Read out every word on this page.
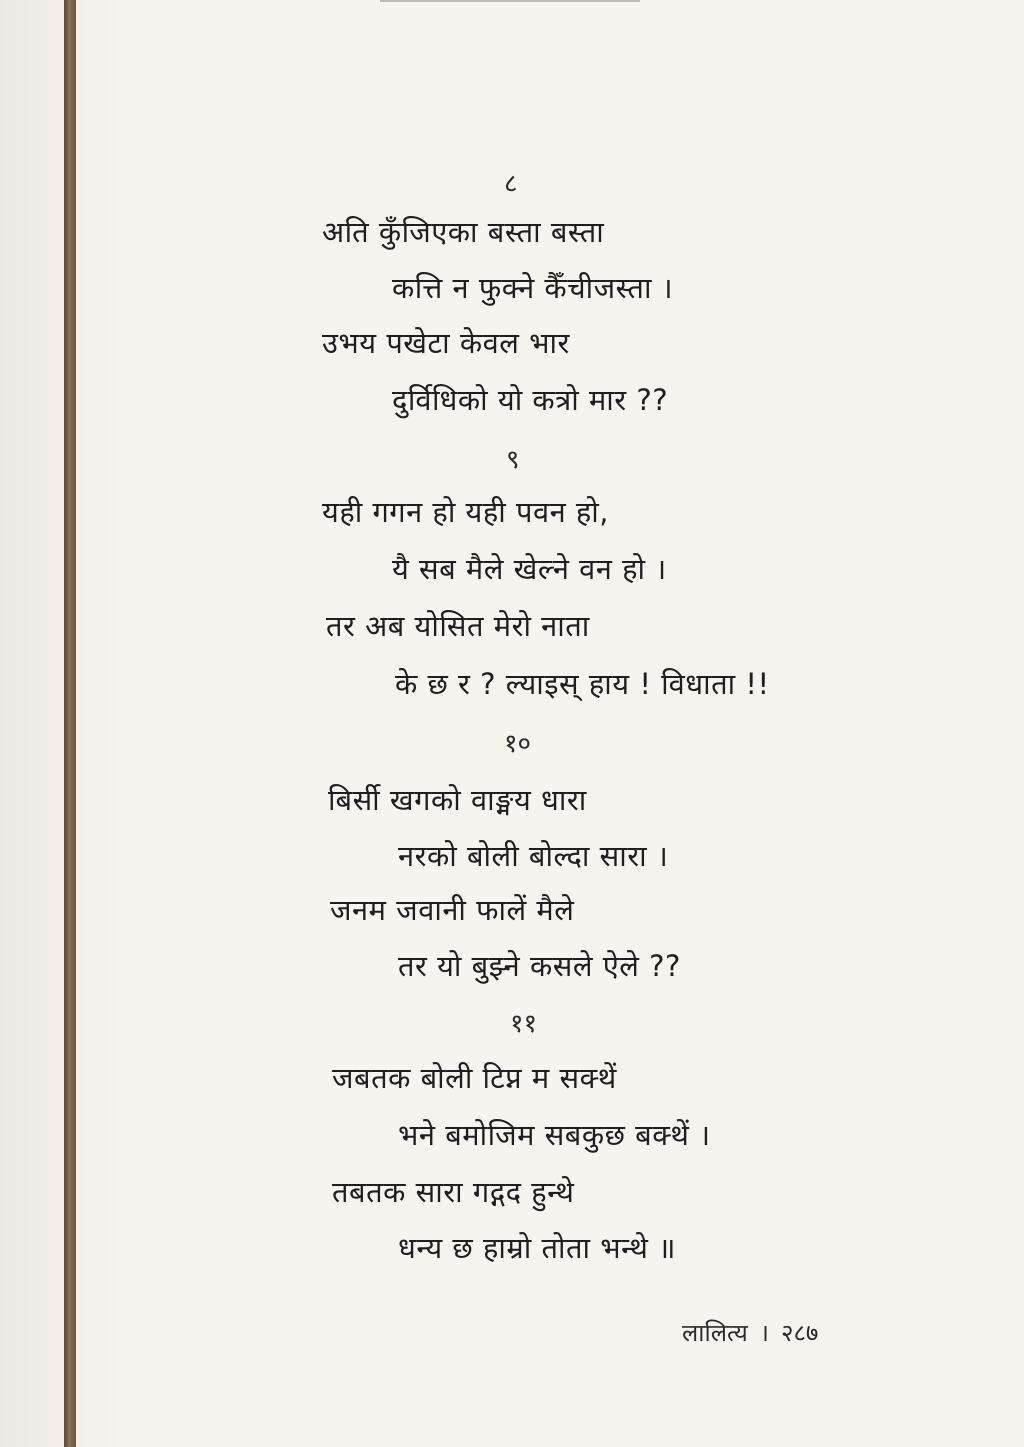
८
अति कुँजिएका बस्ता बस्ता
कत्ति न फुक्ने कैँचीजस्ता ।
उभय पखेटा केवल भार
दुर्विधिको यो कत्रो मार ??
९
यही गगन हो यही पवन हो,
यै सब मैले खेल्ने वन हो ।
तर अब योसित मेरो नाता
के छ र ? ल्याइस् हाय ! विधाता !!
१०
बिर्सी खगको वाङ्मय धारा
नरको बोली बोल्दा सारा ।
जनम जवानी फालें मैले
तर यो बुझ्ने कसले ऐले ??
११
जबतक बोली टिप्न म सक्थें
भने बमोजिम सबकुछ बक्थें ।
तबतक सारा गद्गद हुन्थे
धन्य छ हाम्रो तोता भन्थे ॥
लालित्य । २८७
